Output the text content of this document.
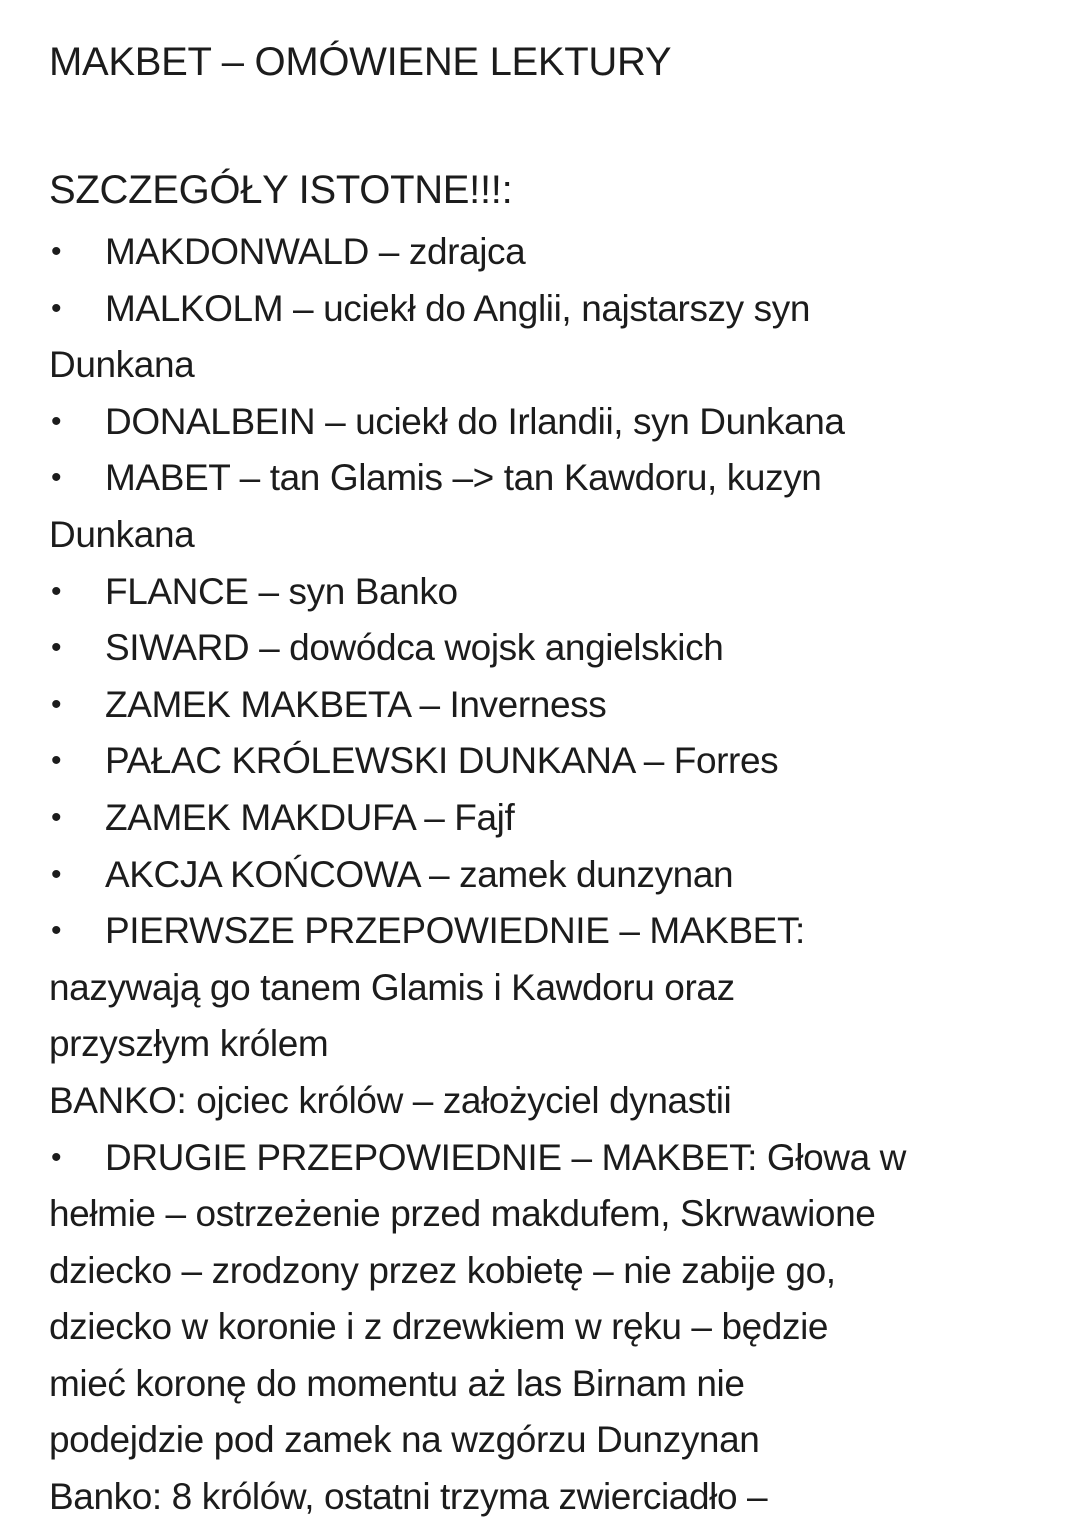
MAKBET – OMÓWIENE LEKTURY
SZCZEGÓŁY ISTOTNE!!!:
• MAKDONWALD – zdrajca
• MALKOLM – uciekł do Anglii, najstarszy syn
Dunkana
• DONALBEIN – uciekł do Irlandii, syn Dunkana
• MABET – tan Glamis –> tan Kawdoru, kuzyn
Dunkana
• FLANCE – syn Banko
• SIWARD – dowódca wojsk angielskich
• ZAMEK MAKBETA – Inverness
• PAŁAC KRÓLEWSKI DUNKANA – Forres
• ZAMEK MAKDUFA – Fajf
• AKCJA KOŃCOWA – zamek dunzynan
• PIERWSZE PRZEPOWIEDNIE – MAKBET:
nazywają go tanem Glamis i Kawdoru oraz
przyszłym królem
BANKO: ojciec królów – założyciel dynastii
• DRUGIE PRZEPOWIEDNIE – MAKBET: Głowa w
hełmie – ostrzeżenie przed makdufem, Skrwawione
dziecko – zrodzony przez kobietę – nie zabije go,
dziecko w koronie i z drzewkiem w ręku – będzie
mieć koronę do momentu aż las Birnam nie
podejdzie pod zamek na wzgórzu Dunzynan
Banko: 8 królów, ostatni trzyma zwierciadło –
